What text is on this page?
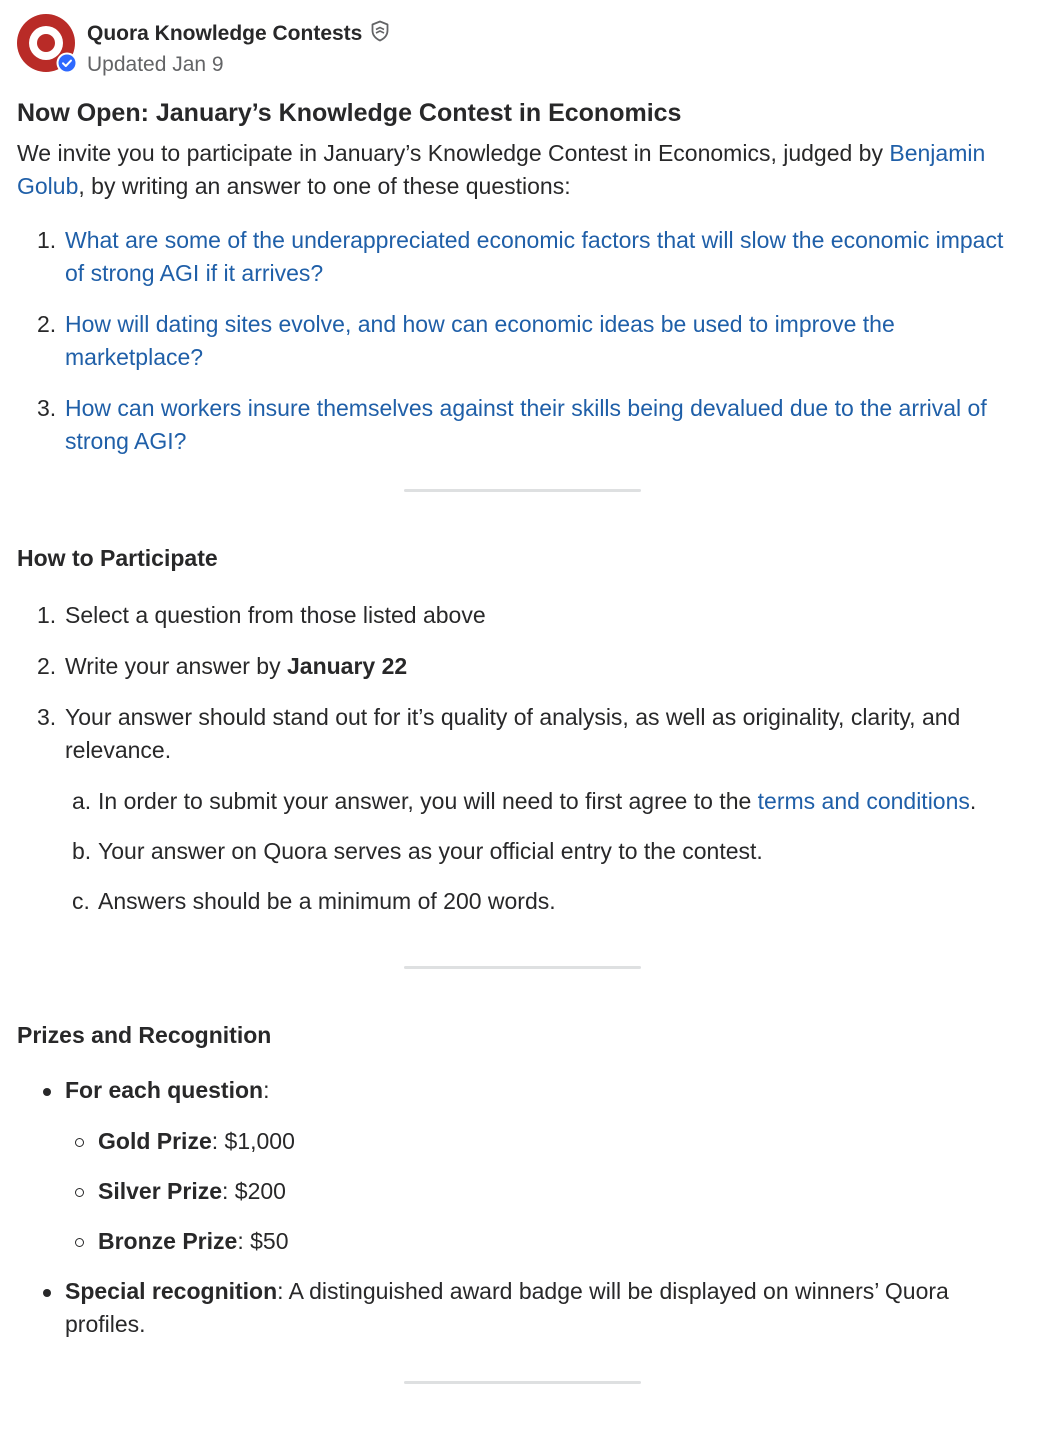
Quora Knowledge Contests
Updated Jan 9
Now Open: January’s Knowledge Contest in Economics

We invite you to participate in January’s Knowledge Contest in Economics, judged by Benjamin Golub, by writing an answer to one of these questions:

1. What are some of the underappreciated economic factors that will slow the economic impact of strong AGI if it arrives?
2. How will dating sites evolve, and how can economic ideas be used to improve the marketplace?
3. How can workers insure themselves against their skills being devalued due to the arrival of strong AGI?
How to Participate
1. Select a question from those listed above
2. Write your answer by January 22
3. Your answer should stand out for it’s quality of analysis, as well as originality, clarity, and relevance.
a. In order to submit your answer, you will need to first agree to the terms and conditions.
b. Your answer on Quora serves as your official entry to the contest.
c. Answers should be a minimum of 200 words.
Prizes and Recognition
For each question:
Gold Prize: $1,000
Silver Prize: $200
Bronze Prize: $50
Special recognition: A distinguished award badge will be displayed on winners’ Quora profiles.
